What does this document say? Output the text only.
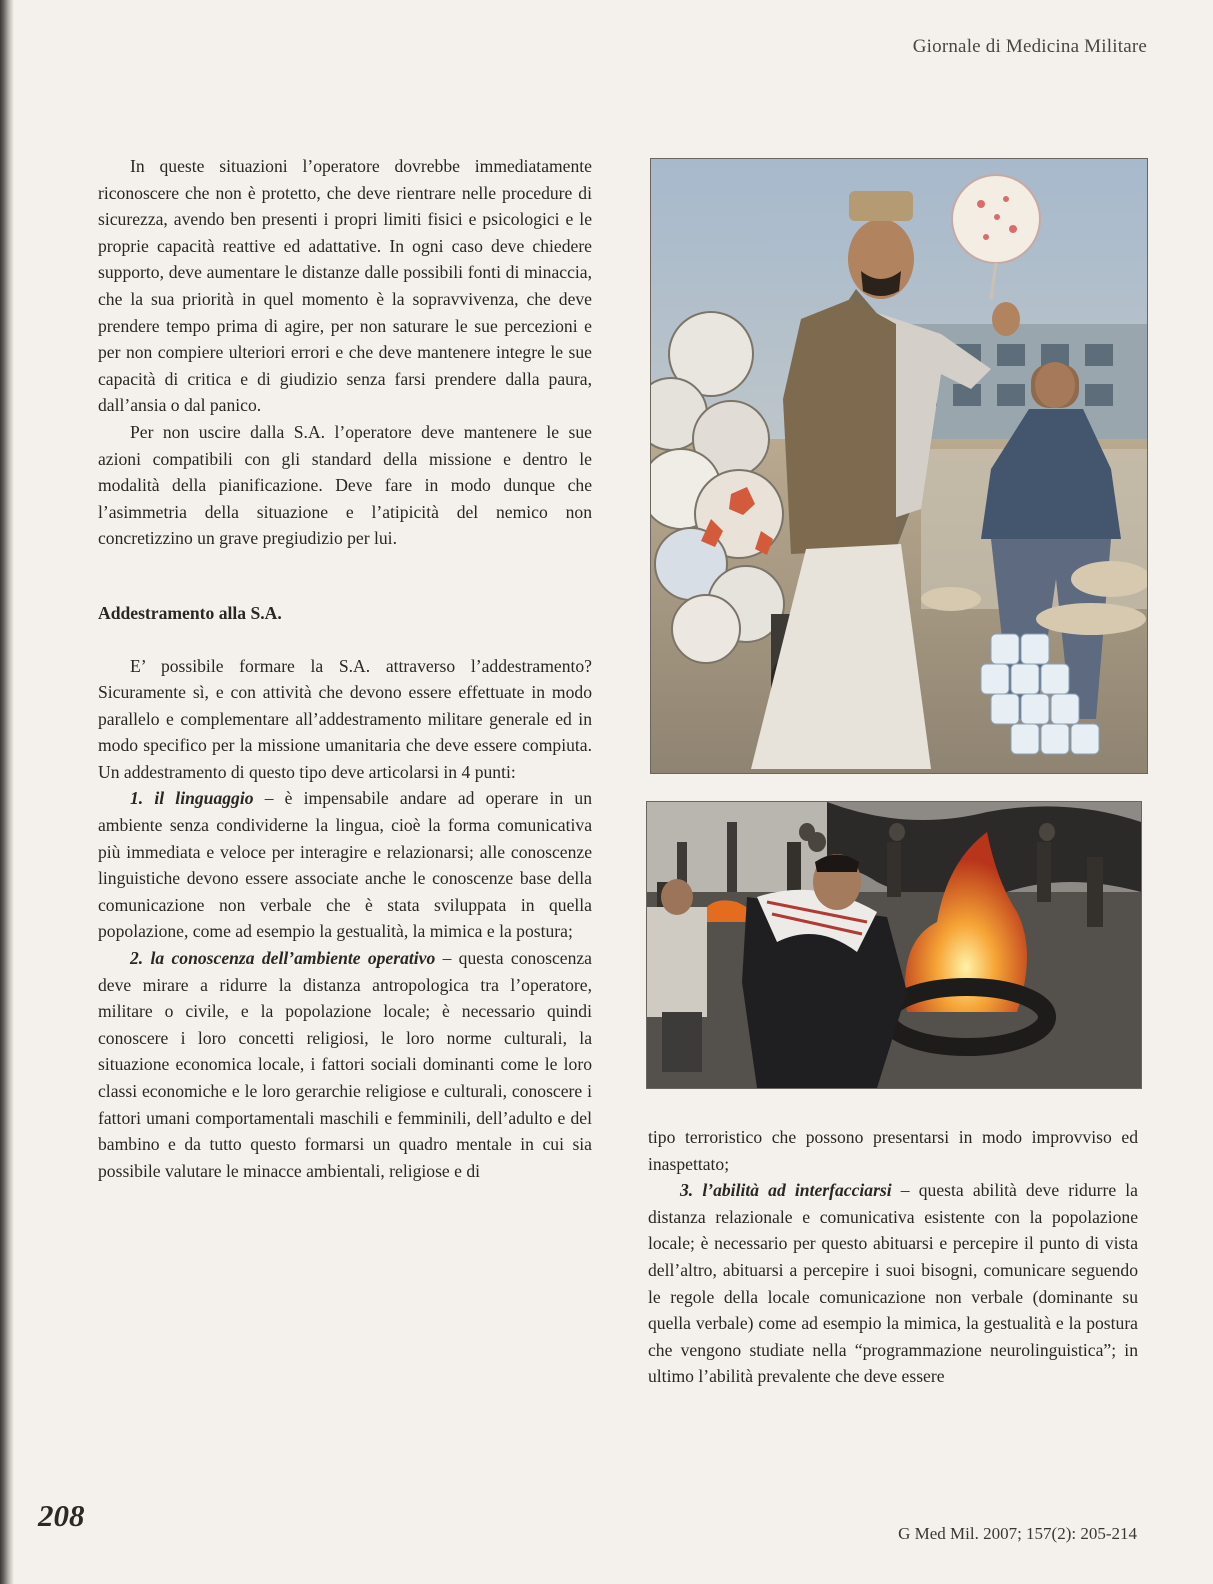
Giornale di Medicina Militare

In queste situazioni l’operatore dovrebbe immediatamente riconoscere che non è protetto, che deve rientrare nelle procedure di sicurezza, avendo ben presenti i propri limiti fisici e psicologici e le proprie capacità reattive ed adattative. In ogni caso deve chiedere supporto, deve aumentare le distanze dalle possibili fonti di minaccia, che la sua priorità in quel momento è la sopravvivenza, che deve prendere tempo prima di agire, per non saturare le sue percezioni e per non compiere ulteriori errori e che deve mantenere integre le sue capacità di critica e di giudizio senza farsi prendere dalla paura, dall’ansia o dal panico.

Per non uscire dalla S.A. l’operatore deve mantenere le sue azioni compatibili con gli standard della missione e dentro le modalità della pianificazione. Deve fare in modo dunque che l’asimmetria della situazione e l’atipicità del nemico non concretizzino un grave pregiudizio per lui.

Addestramento alla S.A.

E’ possibile formare la S.A. attraverso l’addestramento? Sicuramente sì, e con attività che devono essere effettuate in modo parallelo e complementare all’addestramento militare generale ed in modo specifico per la missione umanitaria che deve essere compiuta. Un addestramento di questo tipo deve articolarsi in 4 punti:

1. il linguaggio – è impensabile andare ad operare in un ambiente senza condividerne la lingua, cioè la forma comunicativa più immediata e veloce per interagire e relazionarsi; alle conoscenze linguistiche devono essere associate anche le conoscenze base della comunicazione non verbale che è stata sviluppata in quella popolazione, come ad esempio la gestualità, la mimica e la postura;

2. la conoscenza dell’ambiente operativo – questa conoscenza deve mirare a ridurre la distanza antropologica tra l’operatore, militare o civile, e la popolazione locale; è necessario quindi conoscere i loro concetti religiosi, le loro norme culturali, la situazione economica locale, i fattori sociali dominanti come le loro classi economiche e le loro gerarchie religiose e culturali, conoscere i fattori umani comportamentali maschili e femminili, dell’adulto e del bambino e da tutto questo formarsi un quadro mentale in cui sia possibile valutare le minacce ambientali, religiose e di

tipo terroristico che possono presentarsi in modo improvviso ed inaspettato;

3. l’abilità ad interfacciarsi – questa abilità deve ridurre la distanza relazionale e comunicativa esistente con la popolazione locale; è necessario per questo abituarsi e percepire il punto di vista dell’altro, abituarsi a percepire i suoi bisogni, comunicare seguendo le regole della locale comunicazione non verbale (dominante su quella verbale) come ad esempio la mimica, la gestualità e la postura che vengono studiate nella “programmazione neurolinguistica”; in ultimo l’abilità prevalente che deve essere

208
G Med Mil. 2007; 157(2): 205-214
